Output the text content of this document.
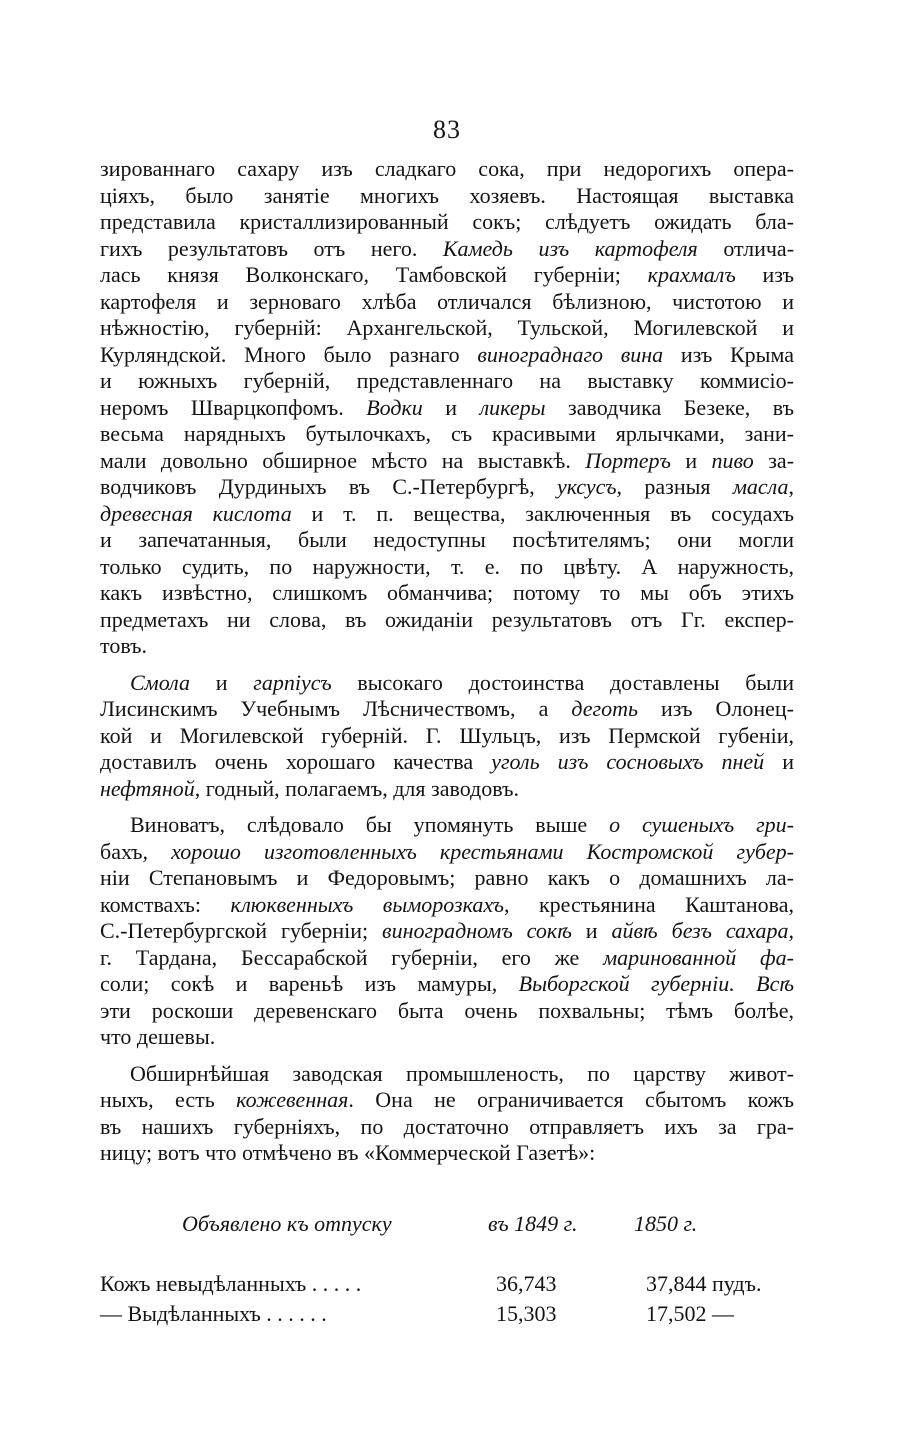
83
зированнаго сахару изъ сладкаго сока, при недорогихъ опера-
ціяхъ, было занятіе многихъ хозяевъ. Настоящая выставка
представила кристаллизированный сокъ; слѣдуетъ ожидать бла-
гихъ результатовъ отъ него. Камедь изъ картофеля отлича-
лась князя Волконскаго, Тамбовской губерніи; крахмалъ изъ
картофеля и зерноваго хлѣба отличался бѣлизною, чистотою и
нѣжностію, губерній: Архангельской, Тульской, Могилевской и
Курляндской. Много было разнаго винограднаго вина изъ Крыма
и южныхъ губерній, представленнаго на выставку коммисіо-
неромъ Шварцкопфомъ. Водки и ликеры заводчика Безеке, въ
весьма нарядныхъ бутылочкахъ, съ красивыми ярлычками, зани-
мали довольно обширное мѣсто на выставкѣ. Портеръ и пиво за-
водчиковъ Дурдиныхъ въ С.-Петербургѣ, уксусъ, разныя масла,
древесная кислота и т. п. вещества, заключенныя въ сосудахъ
и запечатанныя, были недоступны посѣтителямъ; они могли
только судить, по наружности, т. е. по цвѣту. А наружность,
какъ извѣстно, слишкомъ обманчива; потому то мы объ этихъ
предметахъ ни слова, въ ожиданіи результатовъ отъ Гг. експер-
товъ.
Смола и гарпіусъ высокаго достоинства доставлены были
Лисинскимъ Учебнымъ Лѣсничествомъ, а деготь изъ Олонец-
кой и Могилевской губерній. Г. Шульцъ, изъ Пермской губеніи,
доставилъ очень хорошаго качества уголь изъ сосновыхъ пней и
нефтяной, годный, полагаемъ, для заводовъ.
Виноватъ, слѣдовало бы упомянуть выше о сушеныхъ гри-
бахъ, хорошо изготовленныхъ крестьянами Костромской губер-
ніи Степановымъ и Федоровымъ; равно какъ о домашнихъ ла-
комствахъ: клюквенныхъ выморозкахъ, крестьянина Каштанова,
С.-Петербургской губерніи; виноградномъ сокѣ и айвѣ безъ сахара,
г. Тардана, Бессарабской губерніи, его же маринованной фа-
соли; сокѣ и вареньѣ изъ мамуры, Выборгской губерніи. Всѣ
эти роскоши деревенскаго быта очень похвальны; тѣмъ болѣе,
что дешевы.
Обширнѣйшая заводская промышленость, по царству живот-
ныхъ, есть кожевенная. Она не ограничивается сбытомъ кожъ
въ нашихъ губерніяхъ, по достаточно отправляетъ ихъ за гра-
ницу; вотъ что отмѣчено въ «Коммерческой Газетѣ»:
Объявлено къ отпуску	въ 1849 г.	1850 г.
Кожъ невыдѣланныхъ . . . . .	36,743	37,844 пудъ.
— Выдѣланныхъ . . . . . .	15,303	17,502 —
